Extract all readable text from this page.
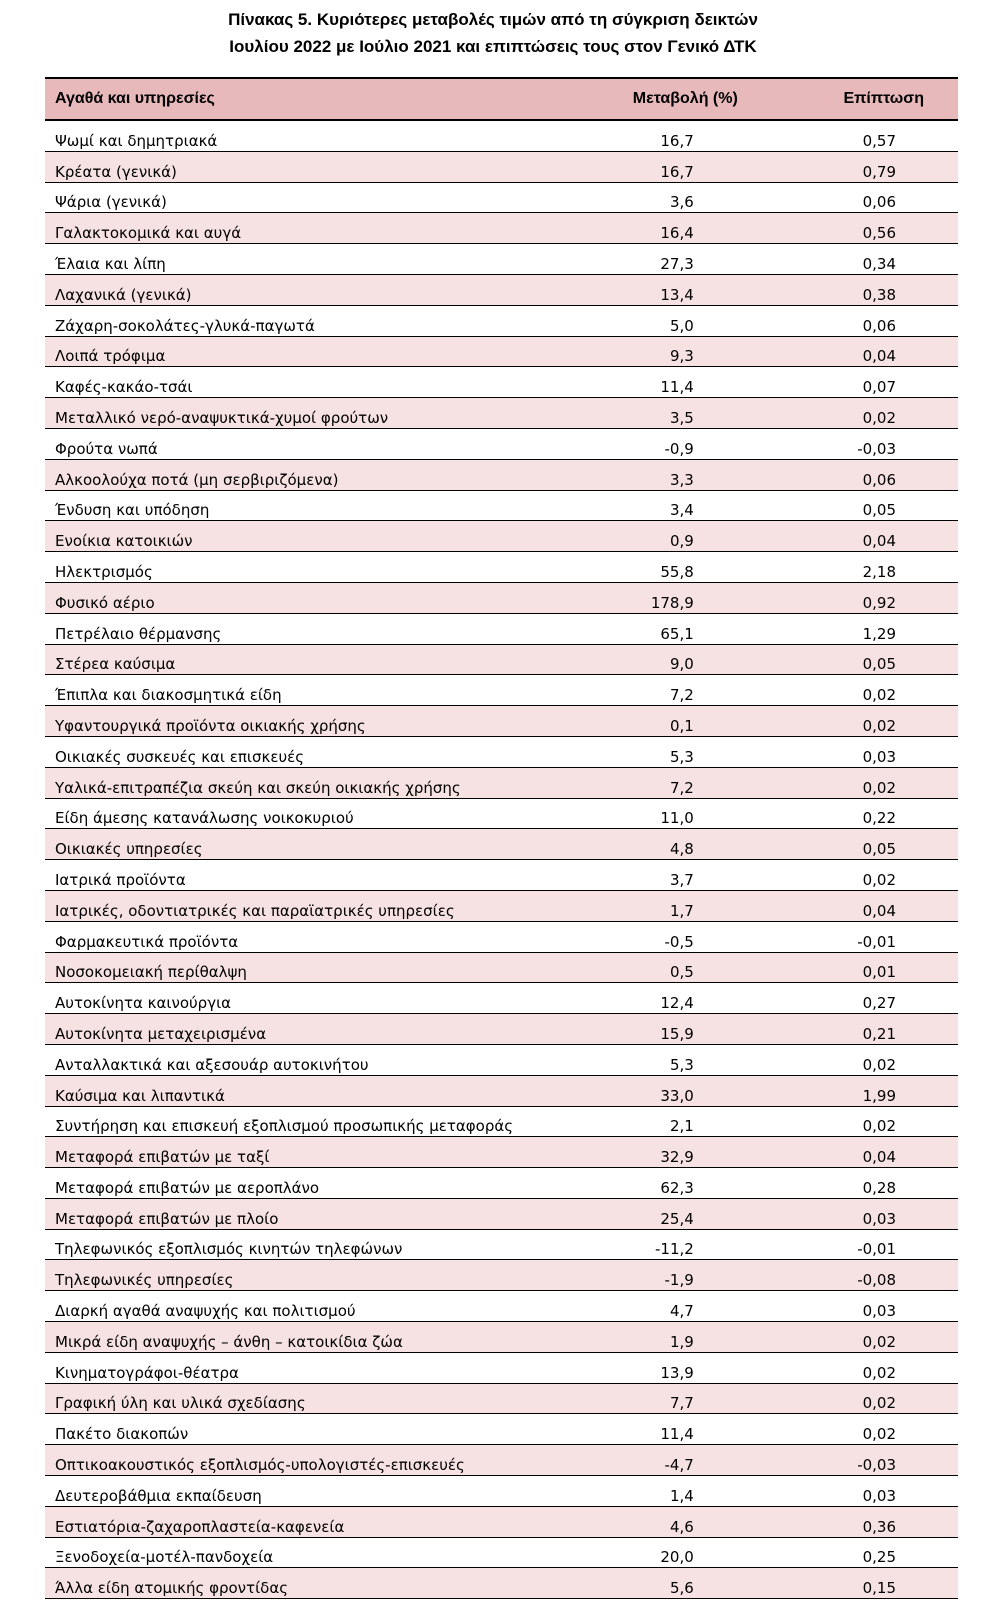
Πίνακας 5. Κυριότερες μεταβολές τιμών από τη σύγκριση δεικτών
Ιουλίου 2022 με Ιούλιο 2021 και επιπτώσεις τους στον Γενικό ΔΤΚ
Αγαθά και υπηρεσίες	Μεταβολή (%)	Επίπτωση
Ψωμί και δημητριακά	16,7	0,57
Κρέατα (γενικά)	16,7	0,79
Ψάρια (γενικά)	3,6	0,06
Γαλακτοκομικά και αυγά	16,4	0,56
Έλαια και λίπη	27,3	0,34
Λαχανικά (γενικά)	13,4	0,38
Ζάχαρη-σοκολάτες-γλυκά-παγωτά	5,0	0,06
Λοιπά τρόφιμα	9,3	0,04
Καφές-κακάο-τσάι	11,4	0,07
Μεταλλικό νερό-αναψυκτικά-χυμοί φρούτων	3,5	0,02
Φρούτα νωπά	-0,9	-0,03
Αλκοολούχα ποτά (μη σερβιριζόμενα)	3,3	0,06
Ένδυση και υπόδηση	3,4	0,05
Ενοίκια κατοικιών	0,9	0,04
Ηλεκτρισμός	55,8	2,18
Φυσικό αέριο	178,9	0,92
Πετρέλαιο θέρμανσης	65,1	1,29
Στέρεα καύσιμα	9,0	0,05
Έπιπλα και διακοσμητικά είδη	7,2	0,02
Υφαντουργικά προϊόντα οικιακής χρήσης	0,1	0,02
Οικιακές συσκευές και επισκευές	5,3	0,03
Υαλικά-επιτραπέζια σκεύη και σκεύη οικιακής χρήσης	7,2	0,02
Είδη άμεσης κατανάλωσης νοικοκυριού	11,0	0,22
Οικιακές υπηρεσίες	4,8	0,05
Ιατρικά προϊόντα	3,7	0,02
Ιατρικές, οδοντιατρικές και παραϊατρικές υπηρεσίες	1,7	0,04
Φαρμακευτικά προϊόντα	-0,5	-0,01
Νοσοκομειακή περίθαλψη	0,5	0,01
Αυτοκίνητα καινούργια	12,4	0,27
Αυτοκίνητα μεταχειρισμένα	15,9	0,21
Ανταλλακτικά και αξεσουάρ αυτοκινήτου	5,3	0,02
Καύσιμα και λιπαντικά	33,0	1,99
Συντήρηση και επισκευή εξοπλισμού προσωπικής μεταφοράς	2,1	0,02
Μεταφορά επιβατών με ταξί	32,9	0,04
Μεταφορά επιβατών με αεροπλάνο	62,3	0,28
Μεταφορά επιβατών με πλοίο	25,4	0,03
Τηλεφωνικός εξοπλισμός κινητών τηλεφώνων	-11,2	-0,01
Τηλεφωνικές υπηρεσίες	-1,9	-0,08
Διαρκή αγαθά αναψυχής και πολιτισμού	4,7	0,03
Μικρά είδη αναψυχής – άνθη – κατοικίδια ζώα	1,9	0,02
Κινηματογράφοι-θέατρα	13,9	0,02
Γραφική ύλη και υλικά σχεδίασης	7,7	0,02
Πακέτο διακοπών	11,4	0,02
Οπτικοακουστικός εξοπλισμός-υπολογιστές-επισκευές	-4,7	-0,03
Δευτεροβάθμια εκπαίδευση	1,4	0,03
Εστιατόρια-ζαχαροπλαστεία-καφενεία	4,6	0,36
Ξενοδοχεία-μοτέλ-πανδοχεία	20,0	0,25
Άλλα είδη ατομικής φροντίδας	5,6	0,15
